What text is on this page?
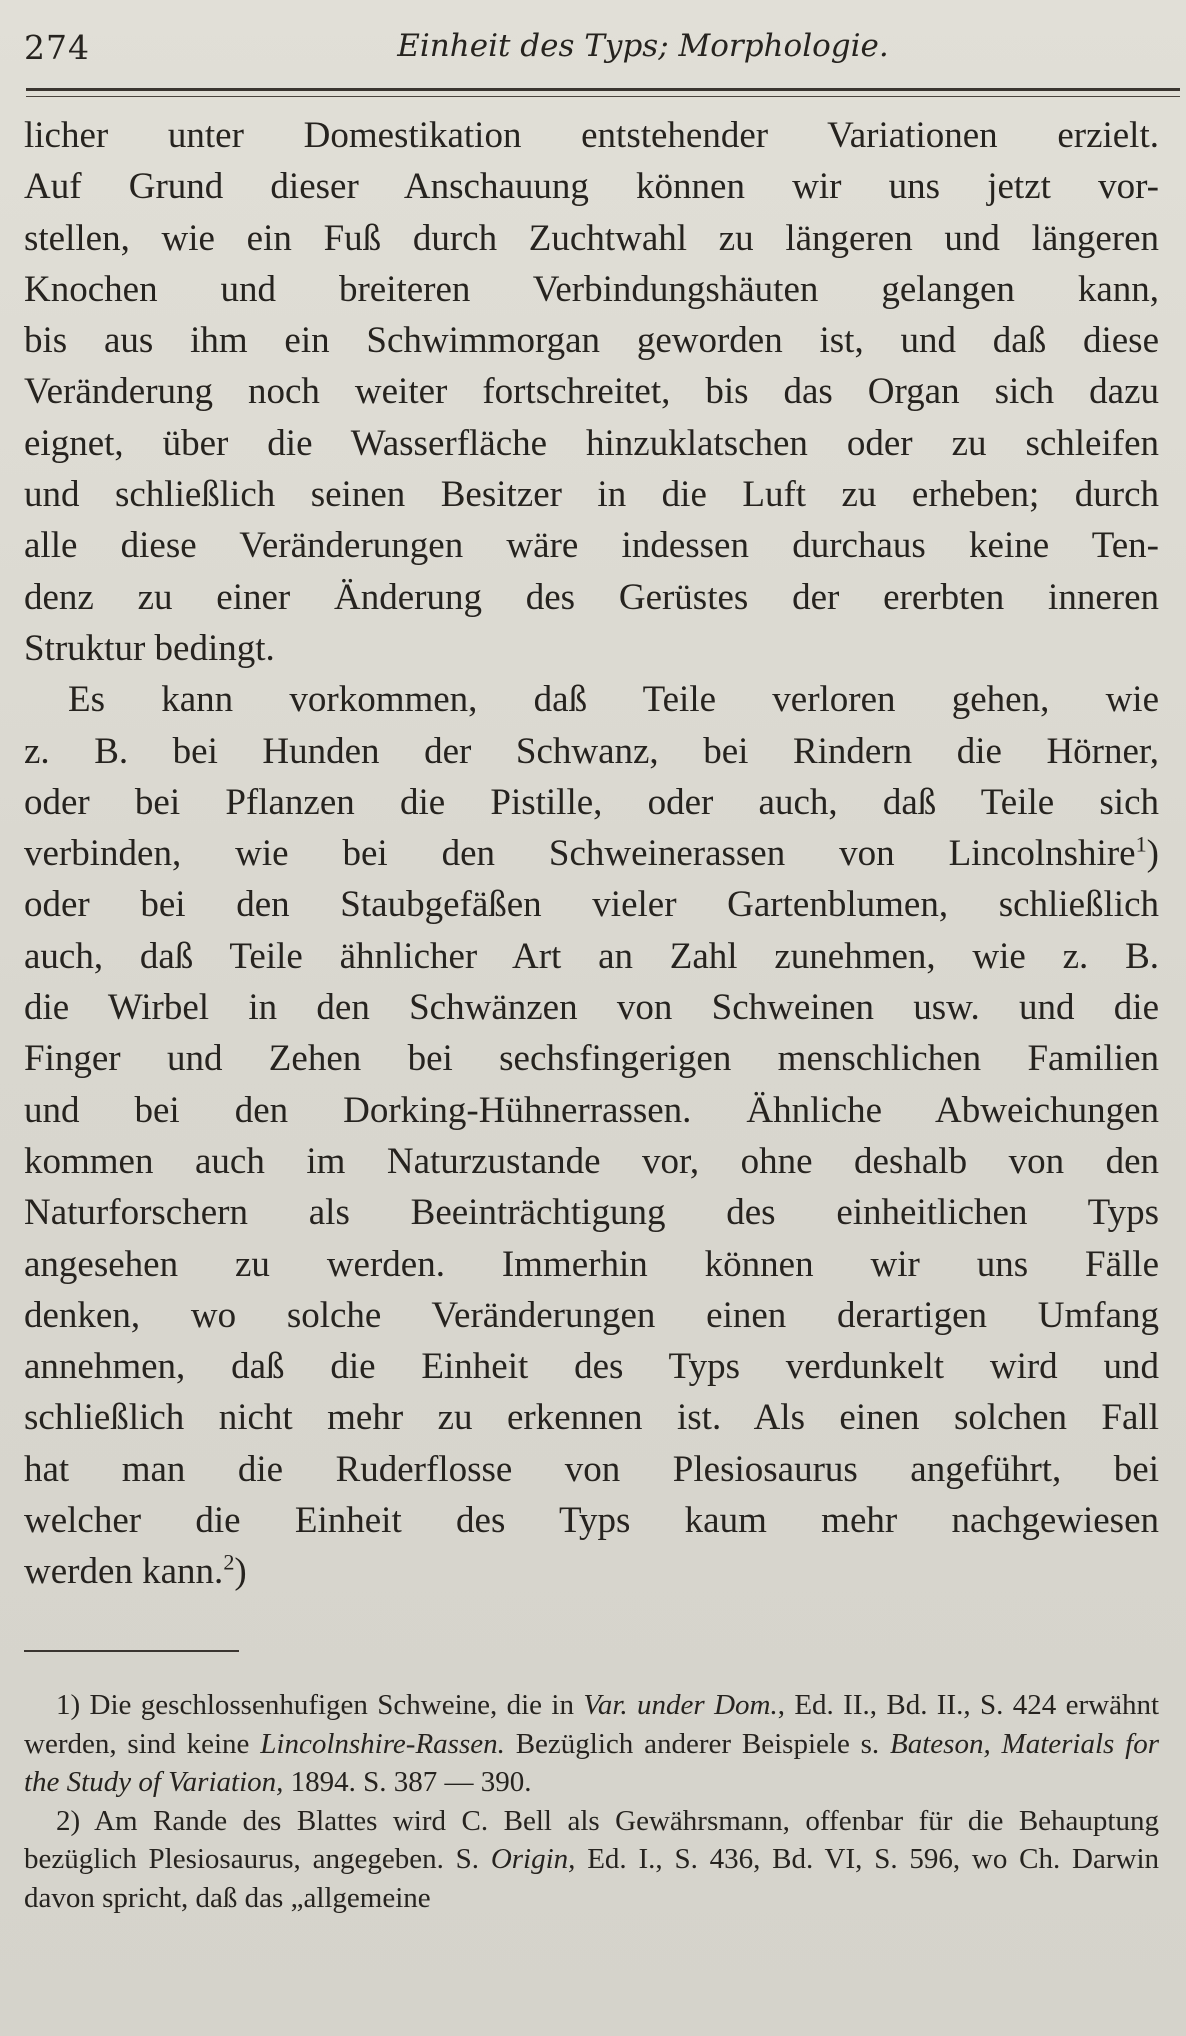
274	Einheit des Typs; Morphologie.

licher unter Domestikation entstehender Variationen erzielt.

Auf Grund dieser Anschauung können wir uns jetzt vor-

stellen, wie ein Fuß durch Zuchtwahl zu längeren und längeren

Knochen und breiteren Verbindungshäuten gelangen kann,

bis aus ihm ein Schwimmorgan geworden ist, und daß diese

Veränderung noch weiter fortschreitet, bis das Organ sich dazu

eignet, über die Wasserfläche hinzuklatschen oder zu schleifen

und schließlich seinen Besitzer in die Luft zu erheben; durch

alle diese Veränderungen wäre indessen durchaus keine Ten-

denz zu einer Änderung des Gerüstes der ererbten inneren

Struktur bedingt.

Es kann vorkommen, daß Teile verloren gehen, wie

z. B. bei Hunden der Schwanz, bei Rindern die Hörner,

oder bei Pflanzen die Pistille, oder auch, daß Teile sich

verbinden, wie bei den Schweinerassen von Lincolnshire$^1$)

oder bei den Staubgefäßen vieler Gartenblumen, schließlich

auch, daß Teile ähnlicher Art an Zahl zunehmen, wie z. B.

die Wirbel in den Schwänzen von Schweinen usw. und die

Finger und Zehen bei sechsfingerigen menschlichen Familien

und bei den Dorking-Hühnerrassen. Ähnliche Abweichungen

kommen auch im Naturzustande vor, ohne deshalb von den

Naturforschern als Beeinträchtigung des einheitlichen Typs

angesehen zu werden. Immerhin können wir uns Fälle

denken, wo solche Veränderungen einen derartigen Umfang

annehmen, daß die Einheit des Typs verdunkelt wird und

schließlich nicht mehr zu erkennen ist. Als einen solchen Fall

hat man die Ruderflosse von Plesiosaurus angeführt, bei

welcher die Einheit des Typs kaum mehr nachgewiesen

werden kann.$^2$)

1) Die geschlossenhufigen Schweine, die in Var. under Dom., Ed. II., Bd. II., S. 424 erwähnt werden, sind keine Lincolnshire-Rassen. Bezüglich anderer Beispiele s. Bateson, Materials for the Study of Variation, 1894. S. 387 — 390.

2) Am Rande des Blattes wird C. Bell als Gewährsmann, offenbar für die Behauptung bezüglich Plesiosaurus, angegeben. S. Origin, Ed. I., S. 436, Bd. VI, S. 596, wo Ch. Darwin davon spricht, daß das „allgemeine
